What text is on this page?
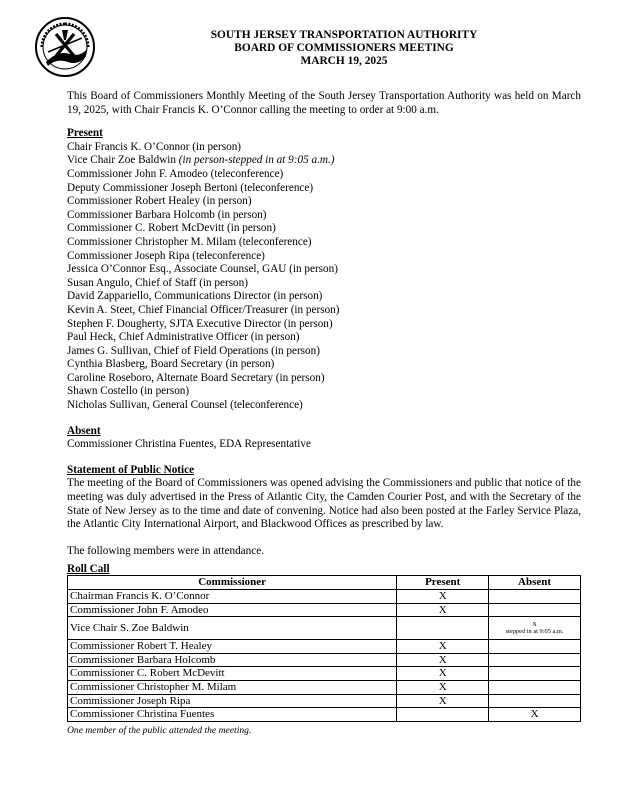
SOUTH JERSEY TRANSPORTATION AUTHORITY
BOARD OF COMMISSIONERS MEETING
MARCH 19, 2025

This Board of Commissioners Monthly Meeting of the South Jersey Transportation Authority was held on March 19, 2025, with Chair Francis K. O’Connor calling the meeting to order at 9:00 a.m.

Present
Chair Francis K. O’Connor (in person)
Vice Chair Zoe Baldwin (in person-stepped in at 9:05 a.m.)
Commissioner John F. Amodeo (teleconference)
Deputy Commissioner Joseph Bertoni (teleconference)
Commissioner Robert Healey (in person)
Commissioner Barbara Holcomb (in person)
Commissioner C. Robert McDevitt (in person)
Commissioner Christopher M. Milam (teleconference)
Commissioner Joseph Ripa (teleconference)
Jessica O’Connor Esq., Associate Counsel, GAU (in person)
Susan Angulo, Chief of Staff (in person)
David Zappariello, Communications Director (in person)
Kevin A. Steet, Chief Financial Officer/Treasurer (in person)
Stephen F. Dougherty, SJTA Executive Director (in person)
Paul Heck, Chief Administrative Officer (in person)
James G. Sullivan, Chief of Field Operations (in person)
Cynthia Blasberg, Board Secretary (in person)
Caroline Roseboro, Alternate Board Secretary (in person)
Shawn Costello (in person)
Nicholas Sullivan, General Counsel (teleconference)
Absent
Commissioner Christina Fuentes, EDA Representative
Statement of Public Notice

The meeting of the Board of Commissioners was opened advising the Commissioners and public that notice of the meeting was duly advertised in the Press of Atlantic City, the Camden Courier Post, and with the Secretary of the State of New Jersey as to the time and date of convening. Notice had also been posted at the Farley Service Plaza, the Atlantic City International Airport, and Blackwood Offices as prescribed by law.

The following members were in attendance.

Roll Call
Commissioner	Present	Absent
Chairman Francis K. O’Connor	X	
Commissioner John F. Amodeo	X	
Vice Chair S. Zoe Baldwin		X
stepped in at 9:05 a.m.

Commissioner Robert T. Healey	X	
Commissioner Barbara Holcomb	X	
Commissioner C. Robert McDevitt	X	
Commissioner Christopher M. Milam	X	
Commissioner Joseph Ripa	X	
Commissioner Christina Fuentes		X
One member of the public attended the meeting.
